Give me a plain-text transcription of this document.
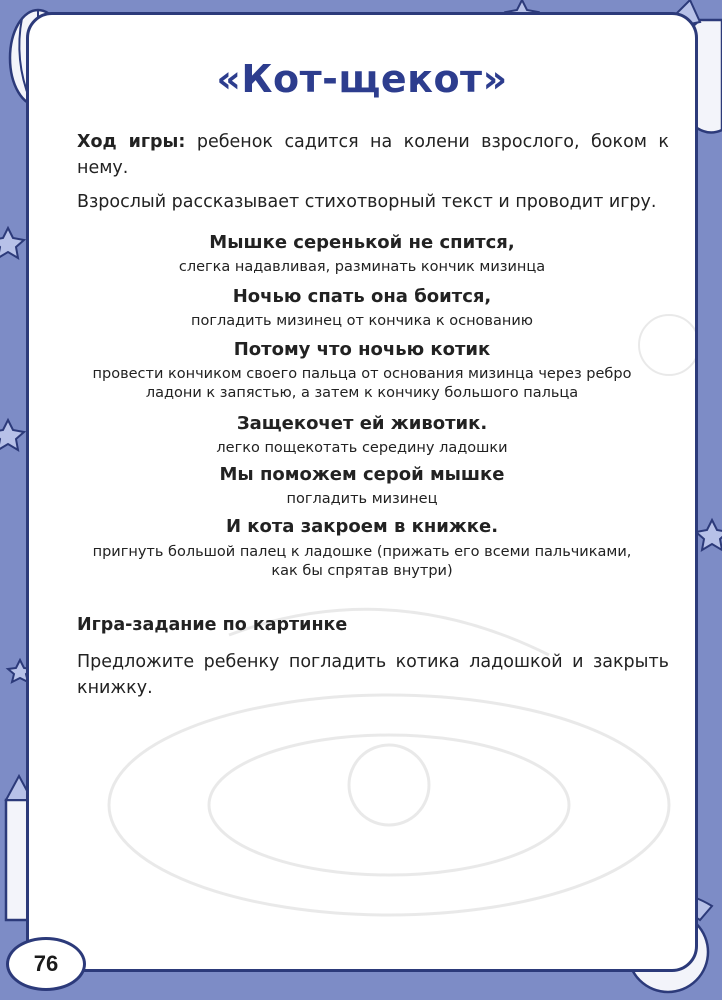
«Кот-щекот»

Ход игры: ребенок садится на колени взрослого, боком к нему.

Взрослый рассказывает стихотворный текст и проводит игру.

Мышке серенькой не спится,
слегка надавливая, разминать кончик мизинца
Ночью спать она боится,
погладить мизинец от кончика к основанию
Потому что ночью котик
провести кончиком своего пальца от основания мизинца через ребро
ладони к запястью, а затем к кончику большого пальца
Защекочет ей животик.
легко пощекотать середину ладошки
Мы поможем серой мышке
погладить мизинец
И кота закроем в книжке.
пригнуть большой палец к ладошке (прижать его всеми пальчиками,
как бы спрятав внутри)
Игра-задание по картинке

Предложите ребенку погладить котика ладошкой и закрыть книжку.

76
